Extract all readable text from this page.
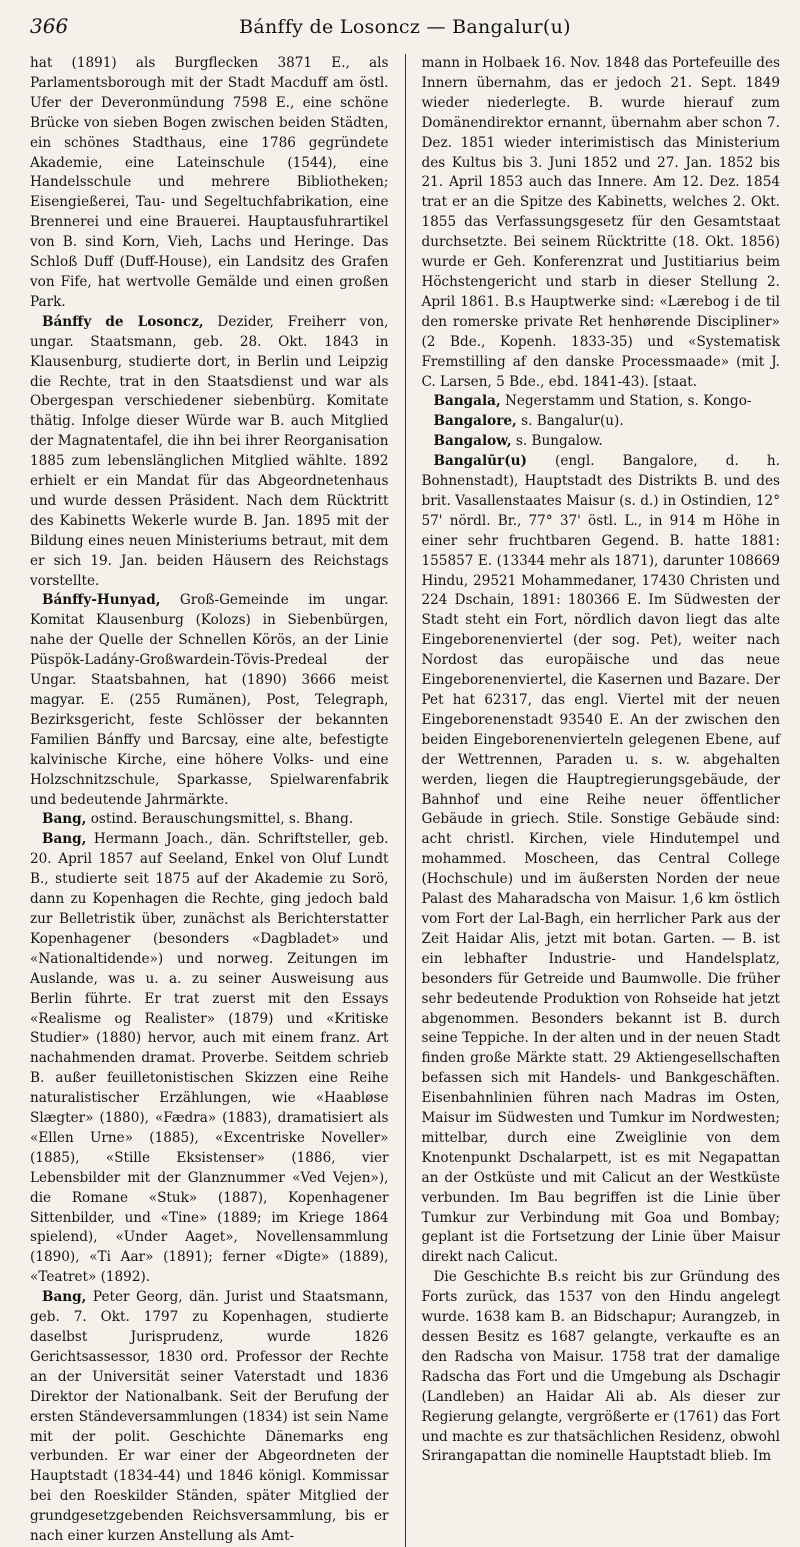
366	Bánffy de Losoncz — Bangalur(u)

hat (1891) als Burgflecken 3871 E., als Parlamentsborough mit der Stadt Macduff am östl. Ufer der Deveronmündung 7598 E., eine schöne Brücke von sieben Bogen zwischen beiden Städten, ein schönes Stadthaus, eine 1786 gegründete Akademie, eine Lateinschule (1544), eine Handelsschule und mehrere Bibliotheken; Eisengießerei, Tau- und Segeltuchfabrikation, eine Brennerei und eine Brauerei. Hauptausfuhrartikel von B. sind Korn, Vieh, Lachs und Heringe. Das Schloß Duff (Duff-House), ein Landsitz des Grafen von Fife, hat wertvolle Gemälde und einen großen Park.

Bánffy de Losoncz, Dezider, Freiherr von, ungar. Staatsmann, geb. 28. Okt. 1843 in Klausenburg, studierte dort, in Berlin und Leipzig die Rechte, trat in den Staatsdienst und war als Obergespan verschiedener siebenbürg. Komitate thätig. Infolge dieser Würde war B. auch Mitglied der Magnatentafel, die ihn bei ihrer Reorganisation 1885 zum lebenslänglichen Mitglied wählte. 1892 erhielt er ein Mandat für das Abgeordnetenhaus und wurde dessen Präsident. Nach dem Rücktritt des Kabinetts Wekerle wurde B. Jan. 1895 mit der Bildung eines neuen Ministeriums betraut, mit dem er sich 19. Jan. beiden Häusern des Reichstags vorstellte.

Bánffy-Hunyad, Groß-Gemeinde im ungar. Komitat Klausenburg (Kolozs) in Siebenbürgen, nahe der Quelle der Schnellen Körös, an der Linie Püspök-Ladány-Großwardein-Tövis-Predeal der Ungar. Staatsbahnen, hat (1890) 3666 meist magyar. E. (255 Rumänen), Post, Telegraph, Bezirksgericht, feste Schlösser der bekannten Familien Bánffy und Barcsay, eine alte, befestigte kalvinische Kirche, eine höhere Volks- und eine Holzschnitzschule, Sparkasse, Spielwarenfabrik und bedeutende Jahrmärkte.

Bang, ostind. Berauschungsmittel, s. Bhang.

Bang, Hermann Joach., dän. Schriftsteller, geb. 20. April 1857 auf Seeland, Enkel von Oluf Lundt B., studierte seit 1875 auf der Akademie zu Sorö, dann zu Kopenhagen die Rechte, ging jedoch bald zur Belletristik über, zunächst als Berichterstatter Kopenhagener (besonders «Dagbladet» und «Nationaltidende») und norweg. Zeitungen im Auslande, was u. a. zu seiner Ausweisung aus Berlin führte. Er trat zuerst mit den Essays «Realisme og Realister» (1879) und «Kritiske Studier» (1880) hervor, auch mit einem franz. Art nachahmenden dramat. Proverbe. Seitdem schrieb B. außer feuilletonistischen Skizzen eine Reihe naturalistischer Erzählungen, wie «Haabløse Slægter» (1880), «Fædra» (1883), dramatisiert als «Ellen Urne» (1885), «Excentriske Noveller» (1885), «Stille Eksistenser» (1886, vier Lebensbilder mit der Glanznummer «Ved Vejen»), die Romane «Stuk» (1887), Kopenhagener Sittenbilder, und «Tine» (1889; im Kriege 1864 spielend), «Under Aaget», Novellensammlung (1890), «Ti Aar» (1891); ferner «Digte» (1889), «Teatret» (1892).

Bang, Peter Georg, dän. Jurist und Staatsmann, geb. 7. Okt. 1797 zu Kopenhagen, studierte daselbst Jurisprudenz, wurde 1826 Gerichtsassessor, 1830 ord. Professor der Rechte an der Universität seiner Vaterstadt und 1836 Direktor der Nationalbank. Seit der Berufung der ersten Ständeversammlungen (1834) ist sein Name mit der polit. Geschichte Dänemarks eng verbunden. Er war einer der Abgeordneten der Hauptstadt (1834-44) und 1846 königl. Kommissar bei den Roeskilder Ständen, später Mitglied der grundgesetzgebenden Reichsversammlung, bis er nach einer kurzen Anstellung als Amt-

mann in Holbaek 16. Nov. 1848 das Portefeuille des Innern übernahm, das er jedoch 21. Sept. 1849 wieder niederlegte. B. wurde hierauf zum Domänendirektor ernannt, übernahm aber schon 7. Dez. 1851 wieder interimistisch das Ministerium des Kultus bis 3. Juni 1852 und 27. Jan. 1852 bis 21. April 1853 auch das Innere. Am 12. Dez. 1854 trat er an die Spitze des Kabinetts, welches 2. Okt. 1855 das Verfassungsgesetz für den Gesamtstaat durchsetzte. Bei seinem Rücktritte (18. Okt. 1856) wurde er Geh. Konferenzrat und Justitiarius beim Höchstengericht und starb in dieser Stellung 2. April 1861. B.s Hauptwerke sind: «Lærebog i de til den romerske private Ret henhørende Discipliner» (2 Bde., Kopenh. 1833-35) und «Systematisk Fremstilling af den danske Processmaade» (mit J. C. Larsen, 5 Bde., ebd. 1841-43). [staat.

Bangala, Negerstamm und Station, s. Kongo-

Bangalore, s. Bangalur(u).

Bangalow, s. Bungalow.

Bangalūr(u) (engl. Bangalore, d. h. Bohnenstadt), Hauptstadt des Distrikts B. und des brit. Vasallenstaates Maisur (s. d.) in Ostindien, 12° 57' nördl. Br., 77° 37' östl. L., in 914 m Höhe in einer sehr fruchtbaren Gegend. B. hatte 1881: 155857 E. (13344 mehr als 1871), darunter 108669 Hindu, 29521 Mohammedaner, 17430 Christen und 224 Dschain, 1891: 180366 E. Im Südwesten der Stadt steht ein Fort, nördlich davon liegt das alte Eingeborenenviertel (der sog. Pet), weiter nach Nordost das europäische und das neue Eingeborenenviertel, die Kasernen und Bazare. Der Pet hat 62317, das engl. Viertel mit der neuen Eingeborenenstadt 93540 E. An der zwischen den beiden Eingeborenenvierteln gelegenen Ebene, auf der Wettrennen, Paraden u. s. w. abgehalten werden, liegen die Hauptregierungsgebäude, der Bahnhof und eine Reihe neuer öffentlicher Gebäude in griech. Stile. Sonstige Gebäude sind: acht christl. Kirchen, viele Hindutempel und mohammed. Moscheen, das Central College (Hochschule) und im äußersten Norden der neue Palast des Maharadscha von Maisur. 1,6 km östlich vom Fort der Lal-Bagh, ein herrlicher Park aus der Zeit Haidar Alis, jetzt mit botan. Garten. — B. ist ein lebhafter Industrie- und Handelsplatz, besonders für Getreide und Baumwolle. Die früher sehr bedeutende Produktion von Rohseide hat jetzt abgenommen. Besonders bekannt ist B. durch seine Teppiche. In der alten und in der neuen Stadt finden große Märkte statt. 29 Aktiengesellschaften befassen sich mit Handels- und Bankgeschäften. Eisenbahnlinien führen nach Madras im Osten, Maisur im Südwesten und Tumkur im Nordwesten; mittelbar, durch eine Zweiglinie von dem Knotenpunkt Dschalarpett, ist es mit Negapattan an der Ostküste und mit Calicut an der Westküste verbunden. Im Bau begriffen ist die Linie über Tumkur zur Verbindung mit Goa und Bombay; geplant ist die Fortsetzung der Linie über Maisur direkt nach Calicut.

Die Geschichte B.s reicht bis zur Gründung des Forts zurück, das 1537 von den Hindu angelegt wurde. 1638 kam B. an Bidschapur; Aurangzeb, in dessen Besitz es 1687 gelangte, verkaufte es an den Radscha von Maisur. 1758 trat der damalige Radscha das Fort und die Umgebung als Dschagir (Landleben) an Haidar Ali ab. Als dieser zur Regierung gelangte, vergrößerte er (1761) das Fort und machte es zur thatsächlichen Residenz, obwohl Srirangapattan die nominelle Hauptstadt blieb. Im
